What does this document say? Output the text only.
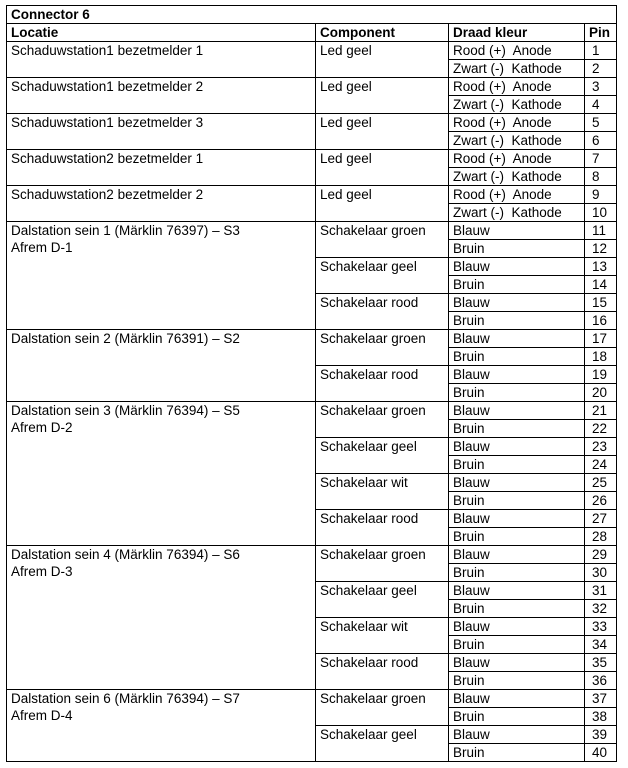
Connector 6			
Locatie	Component	Draad kleur	Pin

Schaduwstation1 bezetmelder 1	Led geel	Rood (+)  Anode	1
		Zwart (-)  Kathode	2

Schaduwstation1 bezetmelder 2	Led geel	Rood (+)  Anode	3
		Zwart (-)  Kathode	4

Schaduwstation1 bezetmelder 3	Led geel	Rood (+)  Anode	5
		Zwart (-)  Kathode	6

Schaduwstation2 bezetmelder 1	Led geel	Rood (+)  Anode	7
		Zwart (-)  Kathode	8

Schaduwstation2 bezetmelder 2	Led geel	Rood (+)  Anode	9
		Zwart (-)  Kathode	10

Dalstation sein 1 (Märklin 76397) – S3
Afrem D-1	Schakelaar groen	Blauw	11
		Bruin	12
	Schakelaar geel	Blauw	13
		Bruin	14
	Schakelaar rood	Blauw	15
		Bruin	16

Dalstation sein 2 (Märklin 76391) – S2	Schakelaar groen	Blauw	17
		Bruin	18
	Schakelaar rood	Blauw	19
		Bruin	20

Dalstation sein 3 (Märklin 76394) – S5
Afrem D-2	Schakelaar groen	Blauw	21
		Bruin	22
	Schakelaar geel	Blauw	23
		Bruin	24
	Schakelaar wit	Blauw	25
		Bruin	26
	Schakelaar rood	Blauw	27
		Bruin	28

Dalstation sein 4 (Märklin 76394) – S6
Afrem D-3	Schakelaar groen	Blauw	29
		Bruin	30
	Schakelaar geel	Blauw	31
		Bruin	32
	Schakelaar wit	Blauw	33
		Bruin	34
	Schakelaar rood	Blauw	35
		Bruin	36

Dalstation sein 6 (Märklin 76394) – S7
Afrem D-4	Schakelaar groen	Blauw	37
		Bruin	38
	Schakelaar geel	Blauw	39
		Bruin	40
